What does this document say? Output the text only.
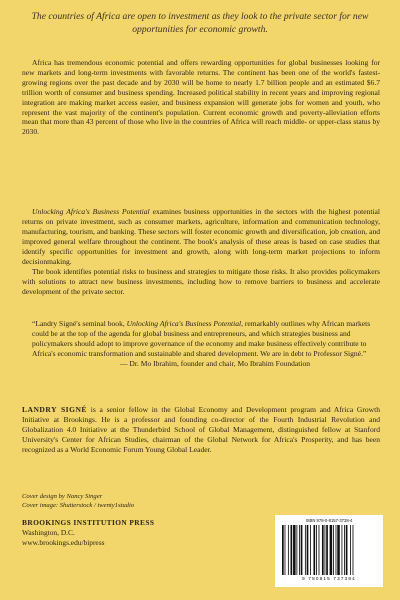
The countries of Africa are open to investment as they look to the private sector for new opportunities for economic growth.

Africa has tremendous economic potential and offers rewarding opportunities for global businesses looking for new markets and long-term investments with favorable returns. The continent has been one of the world's fastest-growing regions over the past decade and by 2030 will be home to nearly 1.7 billion people and an estimated $6.7 trillion worth of consumer and business spending. Increased political stability in recent years and improving regional integration are making market access easier, and business expansion will generate jobs for women and youth, who represent the vast majority of the continent's population. Current economic growth and poverty-alleviation efforts mean that more than 43 percent of those who live in the countries of Africa will reach middle- or upper-class status by 2030.

Unlocking Africa's Business Potential examines business opportunities in the sectors with the highest potential returns on private investment, such as consumer markets, agriculture, information and communication technology, manufacturing, tourism, and banking. These sectors will foster economic growth and diversification, job creation, and improved general welfare throughout the continent. The book's analysis of these areas is based on case studies that identify specific opportunities for investment and growth, along with long-term market projections to inform decisionmaking.

The book identifies potential risks to business and strategies to mitigate those risks. It also provides policymakers with solutions to attract new business investments, including how to remove barriers to business and accelerate development of the private sector.

“Landry Signé's seminal book, Unlocking Africa's Business Potential, remarkably outlines why African markets could be at the top of the agenda for global business and entrepreneurs, and which strategies business and policymakers should adopt to improve governance of the economy and make business effectively contribute to Africa's economic transformation and sustainable and shared development. We are in debt to Professor Signé.”
— Dr. Mo Ibrahim, founder and chair, Mo Ibrahim Foundation
LANDRY SIGNÉ is a senior fellow in the Global Economy and Development program and Africa Growth Initiative at Brookings. He is a professor and founding co-director of the Fourth Industrial Revolution and Globalization 4.0 Initiative at the Thunderbird School of Global Management, distinguished fellow at Stanford University's Center for African Studies, chairman of the Global Network for Africa's Prosperity, and has been recognized as a World Economic Forum Young Global Leader.
Cover design by Nancy Singer
Cover image: Shutterstock / twenty1studio
BROOKINGS INSTITUTION PRESS
Washington, D.C.
www.brookings.edu/bipress
ISBN 978-0-8157-3738-4
9 780815 737384
